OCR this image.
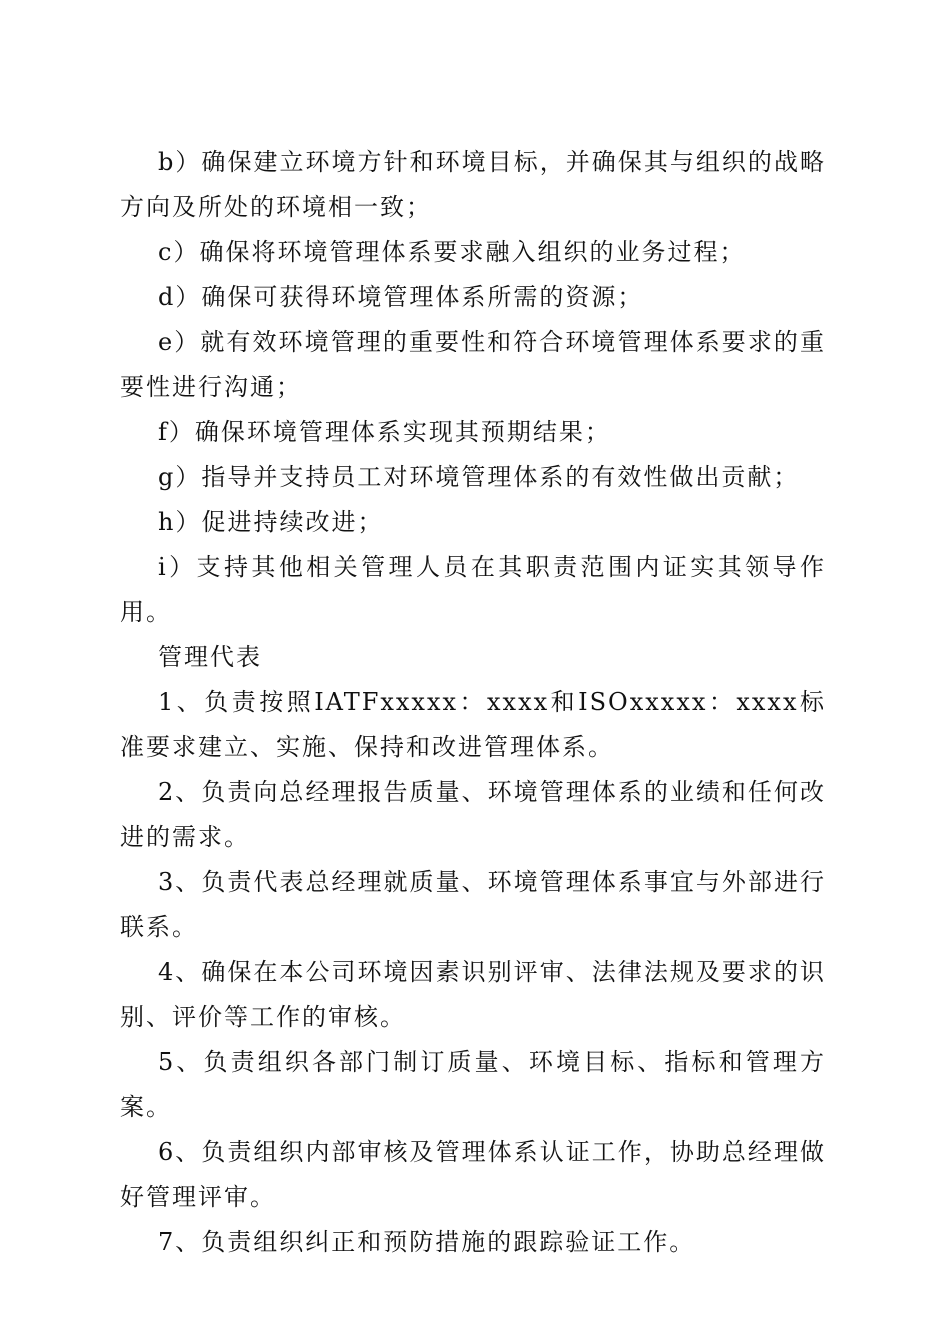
b）确保建立环境方针和环境目标，并确保其与组织的战略方向及所处的环境相一致；

c）确保将环境管理体系要求融入组织的业务过程；

d）确保可获得环境管理体系所需的资源；

e）就有效环境管理的重要性和符合环境管理体系要求的重要性进行沟通；

f）确保环境管理体系实现其预期结果；

g）指导并支持员工对环境管理体系的有效性做出贡献；

h）促进持续改进；

i）支持其他相关管理人员在其职责范围内证实其领导作用。

管理代表

1、负责按照IATFxxxxx：xxxx和ISOxxxxx：xxxx标准要求建立、实施、保持和改进管理体系。

2、负责向总经理报告质量、环境管理体系的业绩和任何改进的需求。

3、负责代表总经理就质量、环境管理体系事宜与外部进行联系。

4、确保在本公司环境因素识别评审、法律法规及要求的识别、评价等工作的审核。

5、负责组织各部门制订质量、环境目标、指标和管理方案。

6、负责组织内部审核及管理体系认证工作，协助总经理做好管理评审。

7、负责组织纠正和预防措施的跟踪验证工作。
